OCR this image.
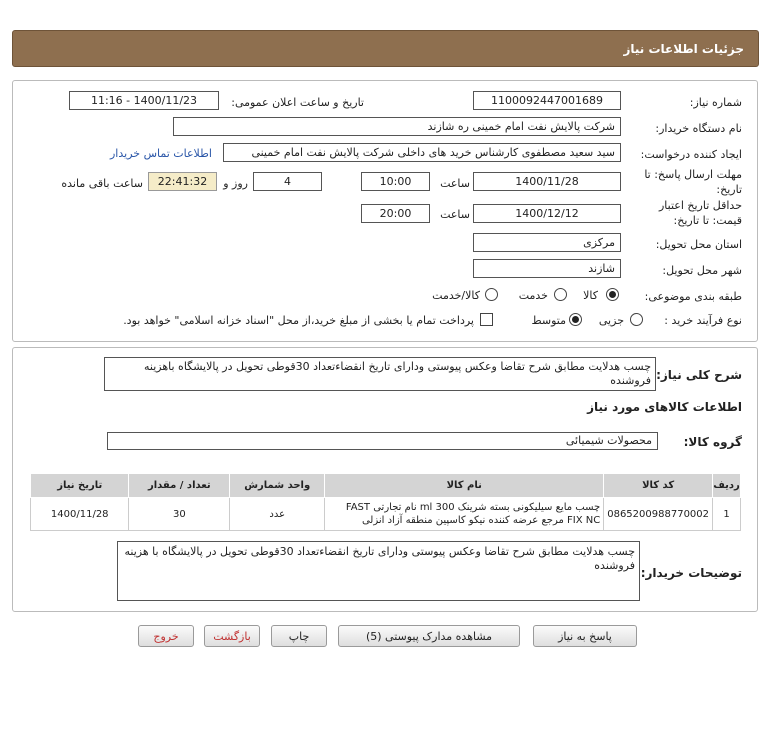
جزئیات اطلاعات نیاز
شماره نیاز:
1100092447001689
تاریخ و ساعت اعلان عمومی:
1400/11/23 - 11:16
نام دستگاه خریدار:
شرکت پالایش نفت امام خمینی ره شازند
ایجاد کننده درخواست:
سید سعید مصطفوی کارشناس خرید های داخلی شرکت پالایش نفت امام خمینی
اطلاعات تماس خریدار
مهلت ارسال پاسخ: تا
تاریخ:
1400/11/28
ساعت
10:00
4
روز و
22:41:32
ساعت باقی مانده
حداقل تاریخ اعتبار
قیمت: تا تاریخ:
1400/12/12
ساعت
20:00
استان محل تحویل:
مرکزی
شهر محل تحویل:
شازند
طبقه بندی موضوعی:
کالا
خدمت
کالا/خدمت
نوع فرآیند خرید :
جزیی
متوسط
پرداخت تمام یا بخشی از مبلغ خرید،از محل "اسناد خزانه اسلامی" خواهد بود.
شرح کلی نیاز:
چسب هدلایت مطابق شرح تقاضا وعکس پیوستی ودارای تاریخ انقضاءتعداد 30قوطی تحویل در پالایشگاه باهزینه فروشنده
اطلاعات کالاهای مورد نیاز
گروه کالا:
محصولات شیمیائی
ردیف	کد کالا	نام کالا	واحد شمارش	تعداد / مقدار	تاریخ نیاز
1	0865200988770002	چسب مایع سیلیکونی بسته شرینک 300 ml نام تجارتی FAST FIX NC مرجع عرضه کننده نیکو کاسپین منطقه آزاد انزلی	عدد	30	1400/11/28
توضیحات خریدار:
چسب هدلایت مطابق شرح تقاضا وعکس پیوستی ودارای تاریخ انقضاءتعداد 30قوطی تحویل در پالایشگاه با هزینه فروشنده
پاسخ به نیاز
مشاهده مدارک پیوستی (5)
چاپ
بازگشت
خروج
